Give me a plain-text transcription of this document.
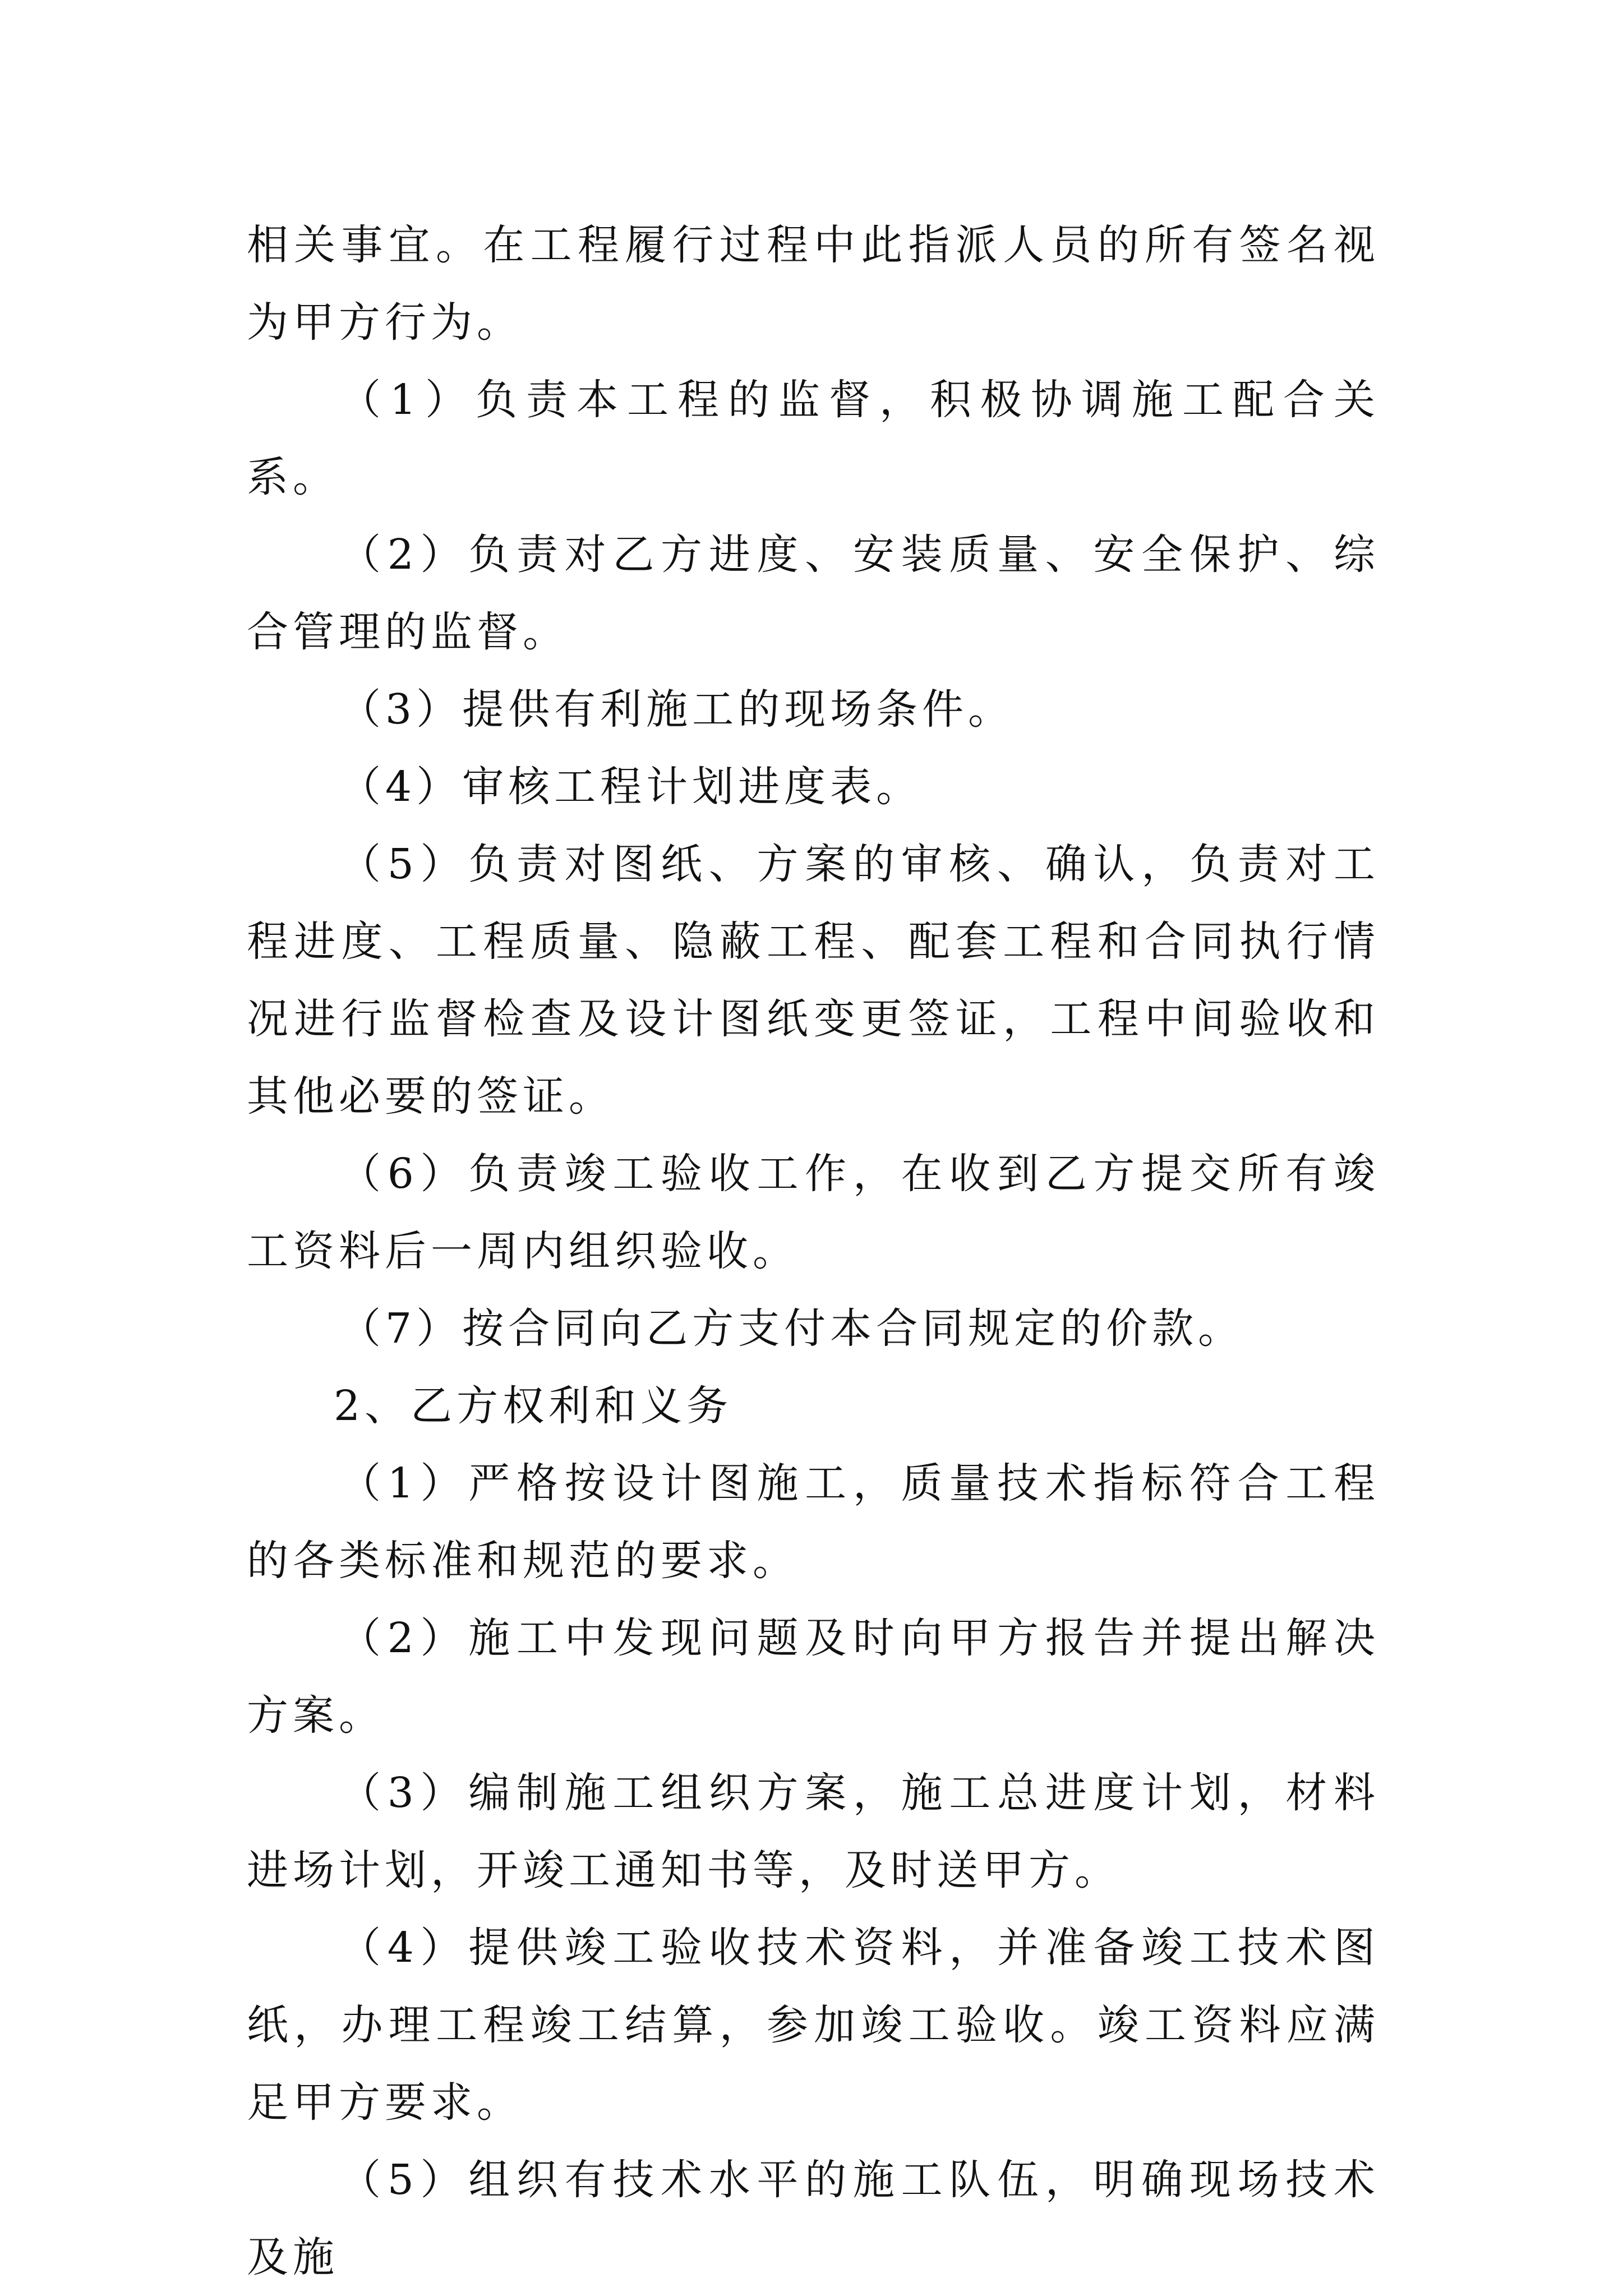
相关事宜。在工程履行过程中此指派人员的所有签名视为甲方行为。

（1）负责本工程的监督，积极协调施工配合关系。

（2）负责对乙方进度、安装质量、安全保护、综合管理的监督。

（3）提供有利施工的现场条件。

（4）审核工程计划进度表。

（5）负责对图纸、方案的审核、确认，负责对工程进度、工程质量、隐蔽工程、配套工程和合同执行情况进行监督检查及设计图纸变更签证，工程中间验收和其他必要的签证。

（6）负责竣工验收工作，在收到乙方提交所有竣工资料后一周内组织验收。

（7）按合同向乙方支付本合同规定的价款。

2、乙方权利和义务

（1）严格按设计图施工，质量技术指标符合工程的各类标准和规范的要求。

（2）施工中发现问题及时向甲方报告并提出解决方案。

（3）编制施工组织方案，施工总进度计划，材料进场计划，开竣工通知书等，及时送甲方。

（4）提供竣工验收技术资料，并准备竣工技术图纸，办理工程竣工结算，参加竣工验收。竣工资料应满足甲方要求。

（5）组织有技术水平的施工队伍，明确现场技术及施
